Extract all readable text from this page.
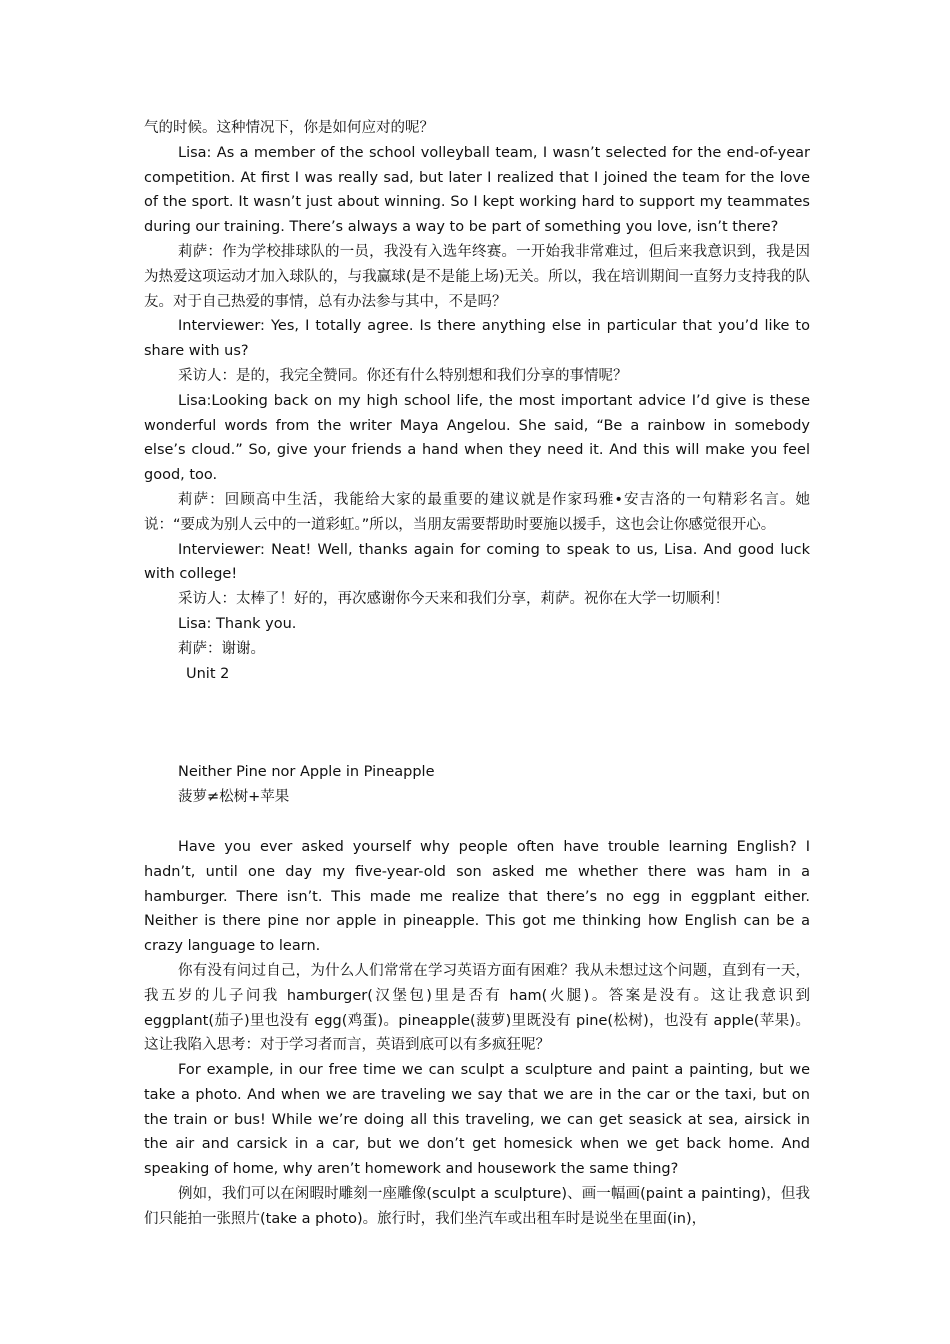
气的时候。这种情况下，你是如何应对的呢？

Lisa: As a member of the school volleyball team, I wasn’t selected for the end-of-year competition. At first I was really sad, but later I realized that I joined the team for the love of the sport. It wasn’t just about winning. So I kept working hard to support my teammates during our training. There’s always a way to be part of something you love, isn’t there?

莉萨：作为学校排球队的一员，我没有入选年终赛。一开始我非常难过，但后来我意识到，我是因为热爱这项运动才加入球队的，与我赢球(是不是能上场)无关。所以，我在培训期间一直努力支持我的队友。对于自己热爱的事情，总有办法参与其中，不是吗？

Interviewer: Yes, I totally agree. Is there anything else in particular that you’d like to share with us?

采访人：是的，我完全赞同。你还有什么特别想和我们分享的事情呢？

Lisa:Looking back on my high school life, the most important advice I’d give is these wonderful words from the writer Maya Angelou. She said, “Be a rainbow in somebody else’s cloud.” So, give your friends a hand when they need it. And this will make you feel good, too.

莉萨：回顾高中生活，我能给大家的最重要的建议就是作家玛雅•安吉洛的一句精彩名言。她说：“要成为别人云中的一道彩虹。”所以，当朋友需要帮助时要施以援手，这也会让你感觉很开心。

Interviewer: Neat! Well, thanks again for coming to speak to us, Lisa. And good luck with college!

采访人：太棒了！好的，再次感谢你今天来和我们分享，莉萨。祝你在大学一切顺利！

Lisa: Thank you.

莉萨：谢谢。

Unit 2

Neither Pine nor Apple in Pineapple

菠萝≠松树+苹果

Have you ever asked yourself why people often have trouble learning English? I hadn’t, until one day my five-year-old son asked me whether there was ham in a hamburger. There isn’t. This made me realize that there’s no egg in eggplant either. Neither is there pine nor apple in pineapple. This got me thinking how English can be a crazy language to learn.

你有没有问过自己，为什么人们常常在学习英语方面有困难？我从未想过这个问题，直到有一天，我五岁的儿子问我 hamburger(汉堡包)里是否有 ham(火腿)。答案是没有。这让我意识到 eggplant(茄子)里也没有 egg(鸡蛋)。pineapple(菠萝)里既没有 pine(松树)，也没有 apple(苹果)。这让我陷入思考：对于学习者而言，英语到底可以有多疯狂呢？

For example, in our free time we can sculpt a sculpture and paint a painting, but we take a photo. And when we are traveling we say that we are in the car or the taxi, but on the train or bus! While we’re doing all this traveling, we can get seasick at sea, airsick in the air and carsick in a car, but we don’t get homesick when we get back home. And speaking of home, why aren’t homework and housework the same thing?

例如，我们可以在闲暇时雕刻一座雕像(sculpt a sculpture)、画一幅画(paint a painting)，但我们只能拍一张照片(take a photo)。旅行时，我们坐汽车或出租车时是说坐在里面(in)，
